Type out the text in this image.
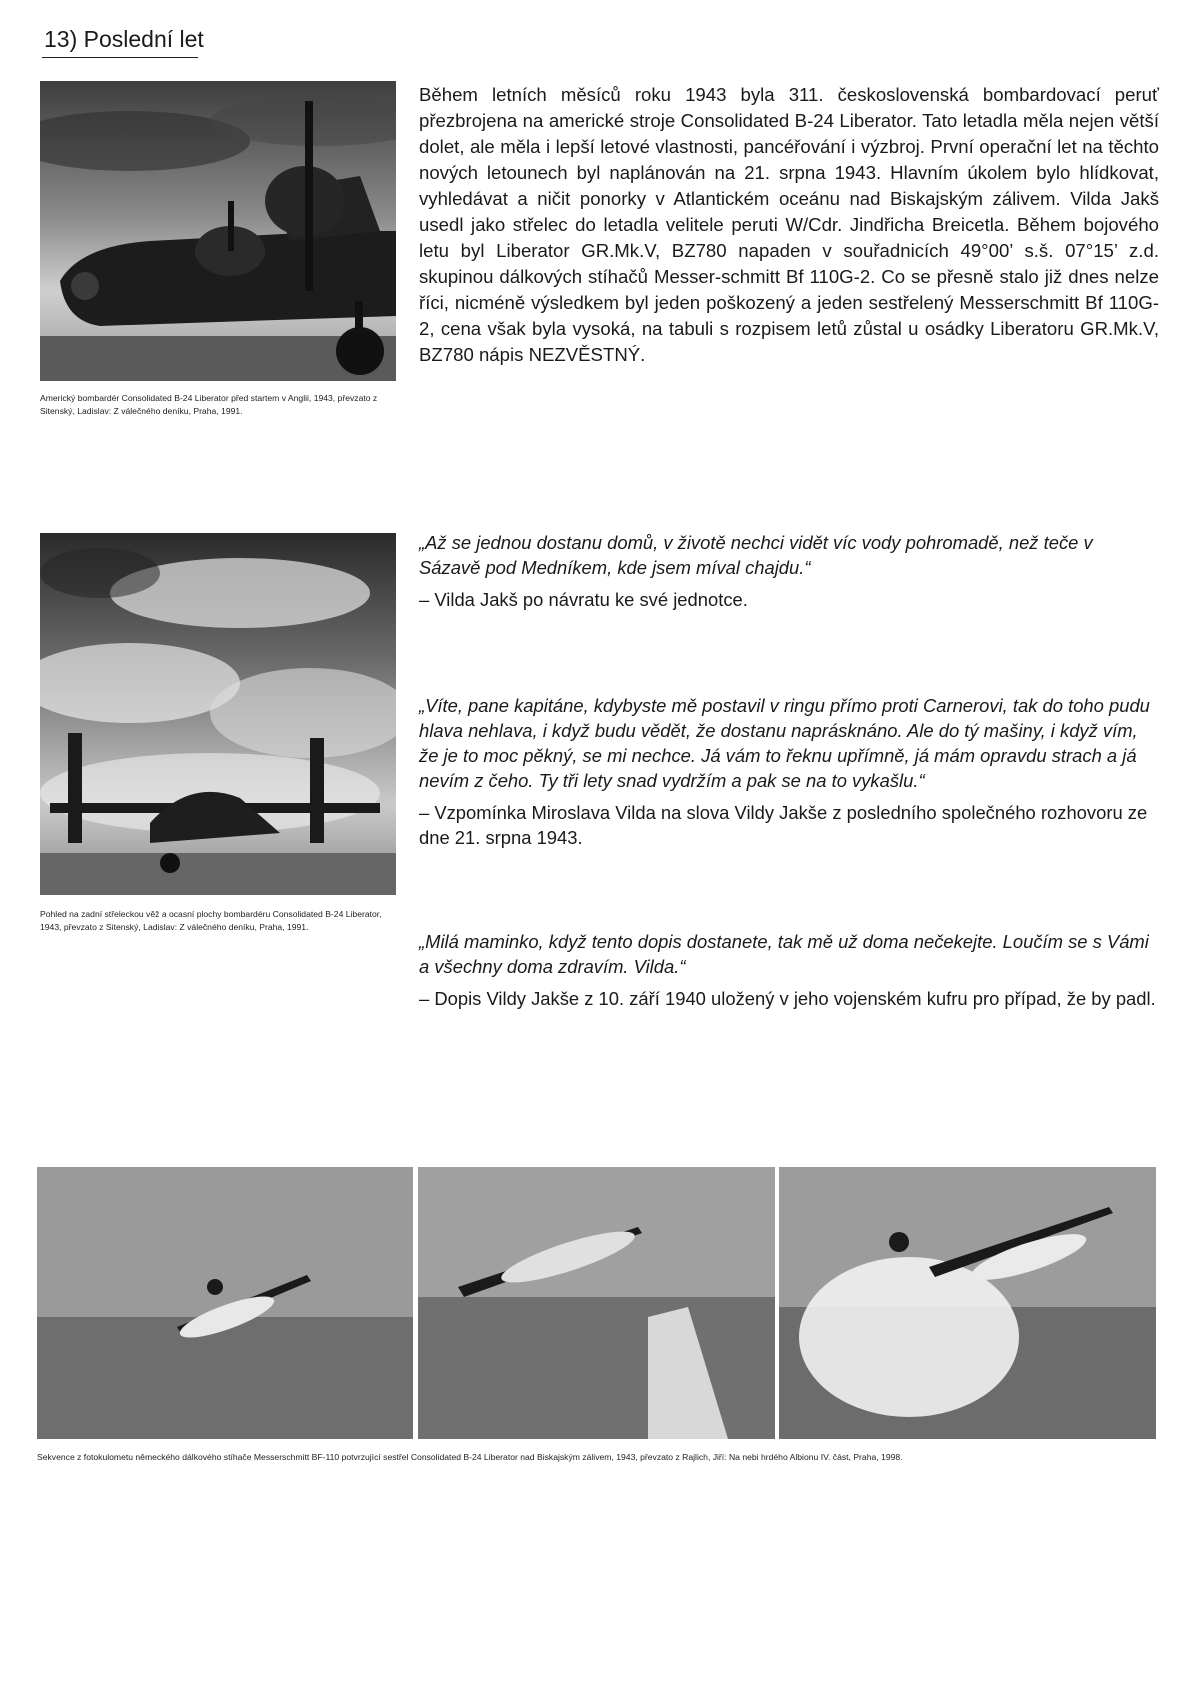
13) Poslední let
Americký bombardér Consolidated B-24 Liberator před startem v Anglii, 1943, převzato z Sitenský, Ladislav: Z válečného deníku, Praha, 1991.
Během letních měsíců roku 1943 byla 311. československá bombardovací peruť přezbrojena na americké stroje Consolidated B-24 Liberator. Tato letadla měla nejen větší dolet, ale měla i lepší letové vlastnosti, pancéřování i výzbroj. První operační let na těchto nových letounech byl naplánován na 21. srpna 1943. Hlavním úkolem bylo hlídkovat, vyhledávat a ničit ponorky v Atlantickém oceánu nad Biskajským zálivem. Vilda Jakš usedl jako střelec do letadla velitele peruti W/Cdr. Jindřicha Breicetla. Během bojového letu byl Liberator GR.Mk.V, BZ780 napaden v souřadnicích 49°00’ s.š. 07°15’ z.d. skupinou dálkových stíhačů Messer-schmitt Bf 110G-2. Co se přesně stalo již dnes nelze říci, nicméně výsledkem byl jeden poškozený a jeden sestřelený Messerschmitt Bf 110G-2, cena však byla vysoká, na tabuli s rozpisem letů zůstal u osádky Liberatoru GR.Mk.V, BZ780 nápis NEZVĚSTNÝ.
Pohled na zadní střeleckou věž a ocasní plochy bombardéru Consolidated B-24 Liberator, 1943, převzato z Sitenský, Ladislav: Z válečného deníku, Praha, 1991.

„Až se jednou dostanu domů, v životě nechci vidět víc vody pohromadě, než teče v Sázavě pod Medníkem, kde jsem míval chajdu.“

– Vilda Jakš po návratu ke své jednotce.

„Víte, pane kapitáne, kdybyste mě postavil v ringu přímo proti Carnerovi, tak do toho pudu hlava nehlava, i když budu vědět, že dostanu naprásknáno. Ale do tý mašiny, i když vím, že je to moc pěkný, se mi nechce. Já vám to řeknu upřímně, já mám opravdu strach a já nevím z čeho. Ty tři lety snad vydržím a pak se na to vykašlu.“

– Vzpomínka Miroslava Vilda na slova Vildy Jakše z posledního společného rozhovoru ze dne 21. srpna 1943.

„Milá maminko, když tento dopis dostanete, tak mě už doma nečekejte. Loučím se s Vámi a všechny doma zdravím. Vilda.“

– Dopis Vildy Jakše z 10. září 1940 uložený v jeho vojenském kufru pro případ, že by padl.

Sekvence z fotokulometu německého dálkového stíhače Messerschmitt BF-110 potvrzující sestřel Consolidated B-24 Liberator nad Biskajským zálivem, 1943, převzato z Rajlich, Jiří: Na nebi hrdého Albionu IV. část, Praha, 1998.
